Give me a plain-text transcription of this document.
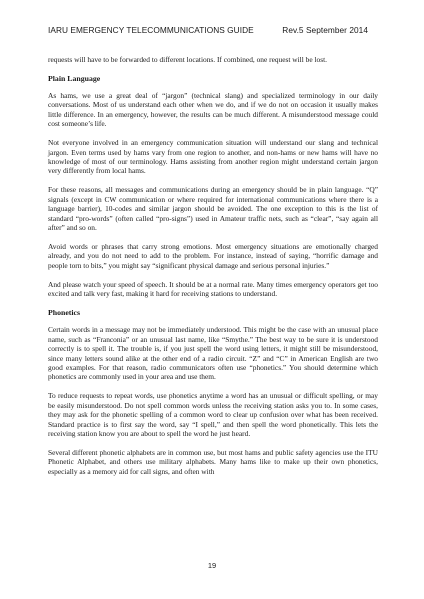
IARU EMERGENCY TELECOMMUNICATIONS GUIDE	Rev.5 September 2014

requests will have to be forwarded to different locations. If combined, one request will be lost.

Plain Language

As hams, we use a great deal of “jargon” (technical slang) and specialized terminology in our daily conversations. Most of us understand each other when we do, and if we do not on occasion it usually makes little difference. In an emergency, however, the results can be much different. A misunderstood message could cost someone’s life.

Not everyone involved in an emergency communication situation will understand our slang and technical jargon. Even terms used by hams vary from one region to another, and non-hams or new hams will have no knowledge of most of our terminology. Hams assisting from another region might understand certain jargon very differently from local hams.

For these reasons, all messages and communications during an emergency should be in plain language. “Q” signals (except in CW communication or where required for international communications where there is a language barrier), 10-codes and similar jargon should be avoided. The one exception to this is the list of standard “pro-words” (often called “pro-signs”) used in Amateur traffic nets, such as “clear”, “say again all after” and so on.

Avoid words or phrases that carry strong emotions. Most emergency situations are emotionally charged already, and you do not need to add to the problem. For instance, instead of saying, “horrific damage and people torn to bits,” you might say “significant physical damage and serious personal injuries.”

And please watch your speed of speech. It should be at a normal rate. Many times emergency operators get too excited and talk very fast, making it hard for receiving stations to understand.

Phonetics

Certain words in a message may not be immediately understood. This might be the case with an unusual place name, such as “Franconia” or an unusual last name, like “Smythe.” The best way to be sure it is understood correctly is to spell it. The trouble is, if you just spell the word using letters, it might still be misunderstood, since many letters sound alike at the other end of a radio circuit. “Z” and “C” in American English are two good examples. For that reason, radio communicators often use “phonetics.” You should determine which phonetics are commonly used in your area and use them.

To reduce requests to repeat words, use phonetics anytime a word has an unusual or difficult spelling, or may be easily misunderstood. Do not spell common words unless the receiving station asks you to. In some cases, they may ask for the phonetic spelling of a common word to clear up confusion over what has been received. Standard practice is to first say the word, say “I spell,” and then spell the word phonetically. This lets the receiving station know you are about to spell the word he just heard.

Several different phonetic alphabets are in common use, but most hams and public safety agencies use the ITU Phonetic Alphabet, and others use military alphabets. Many hams like to make up their own phonetics, especially as a memory aid for call signs, and often with

19
